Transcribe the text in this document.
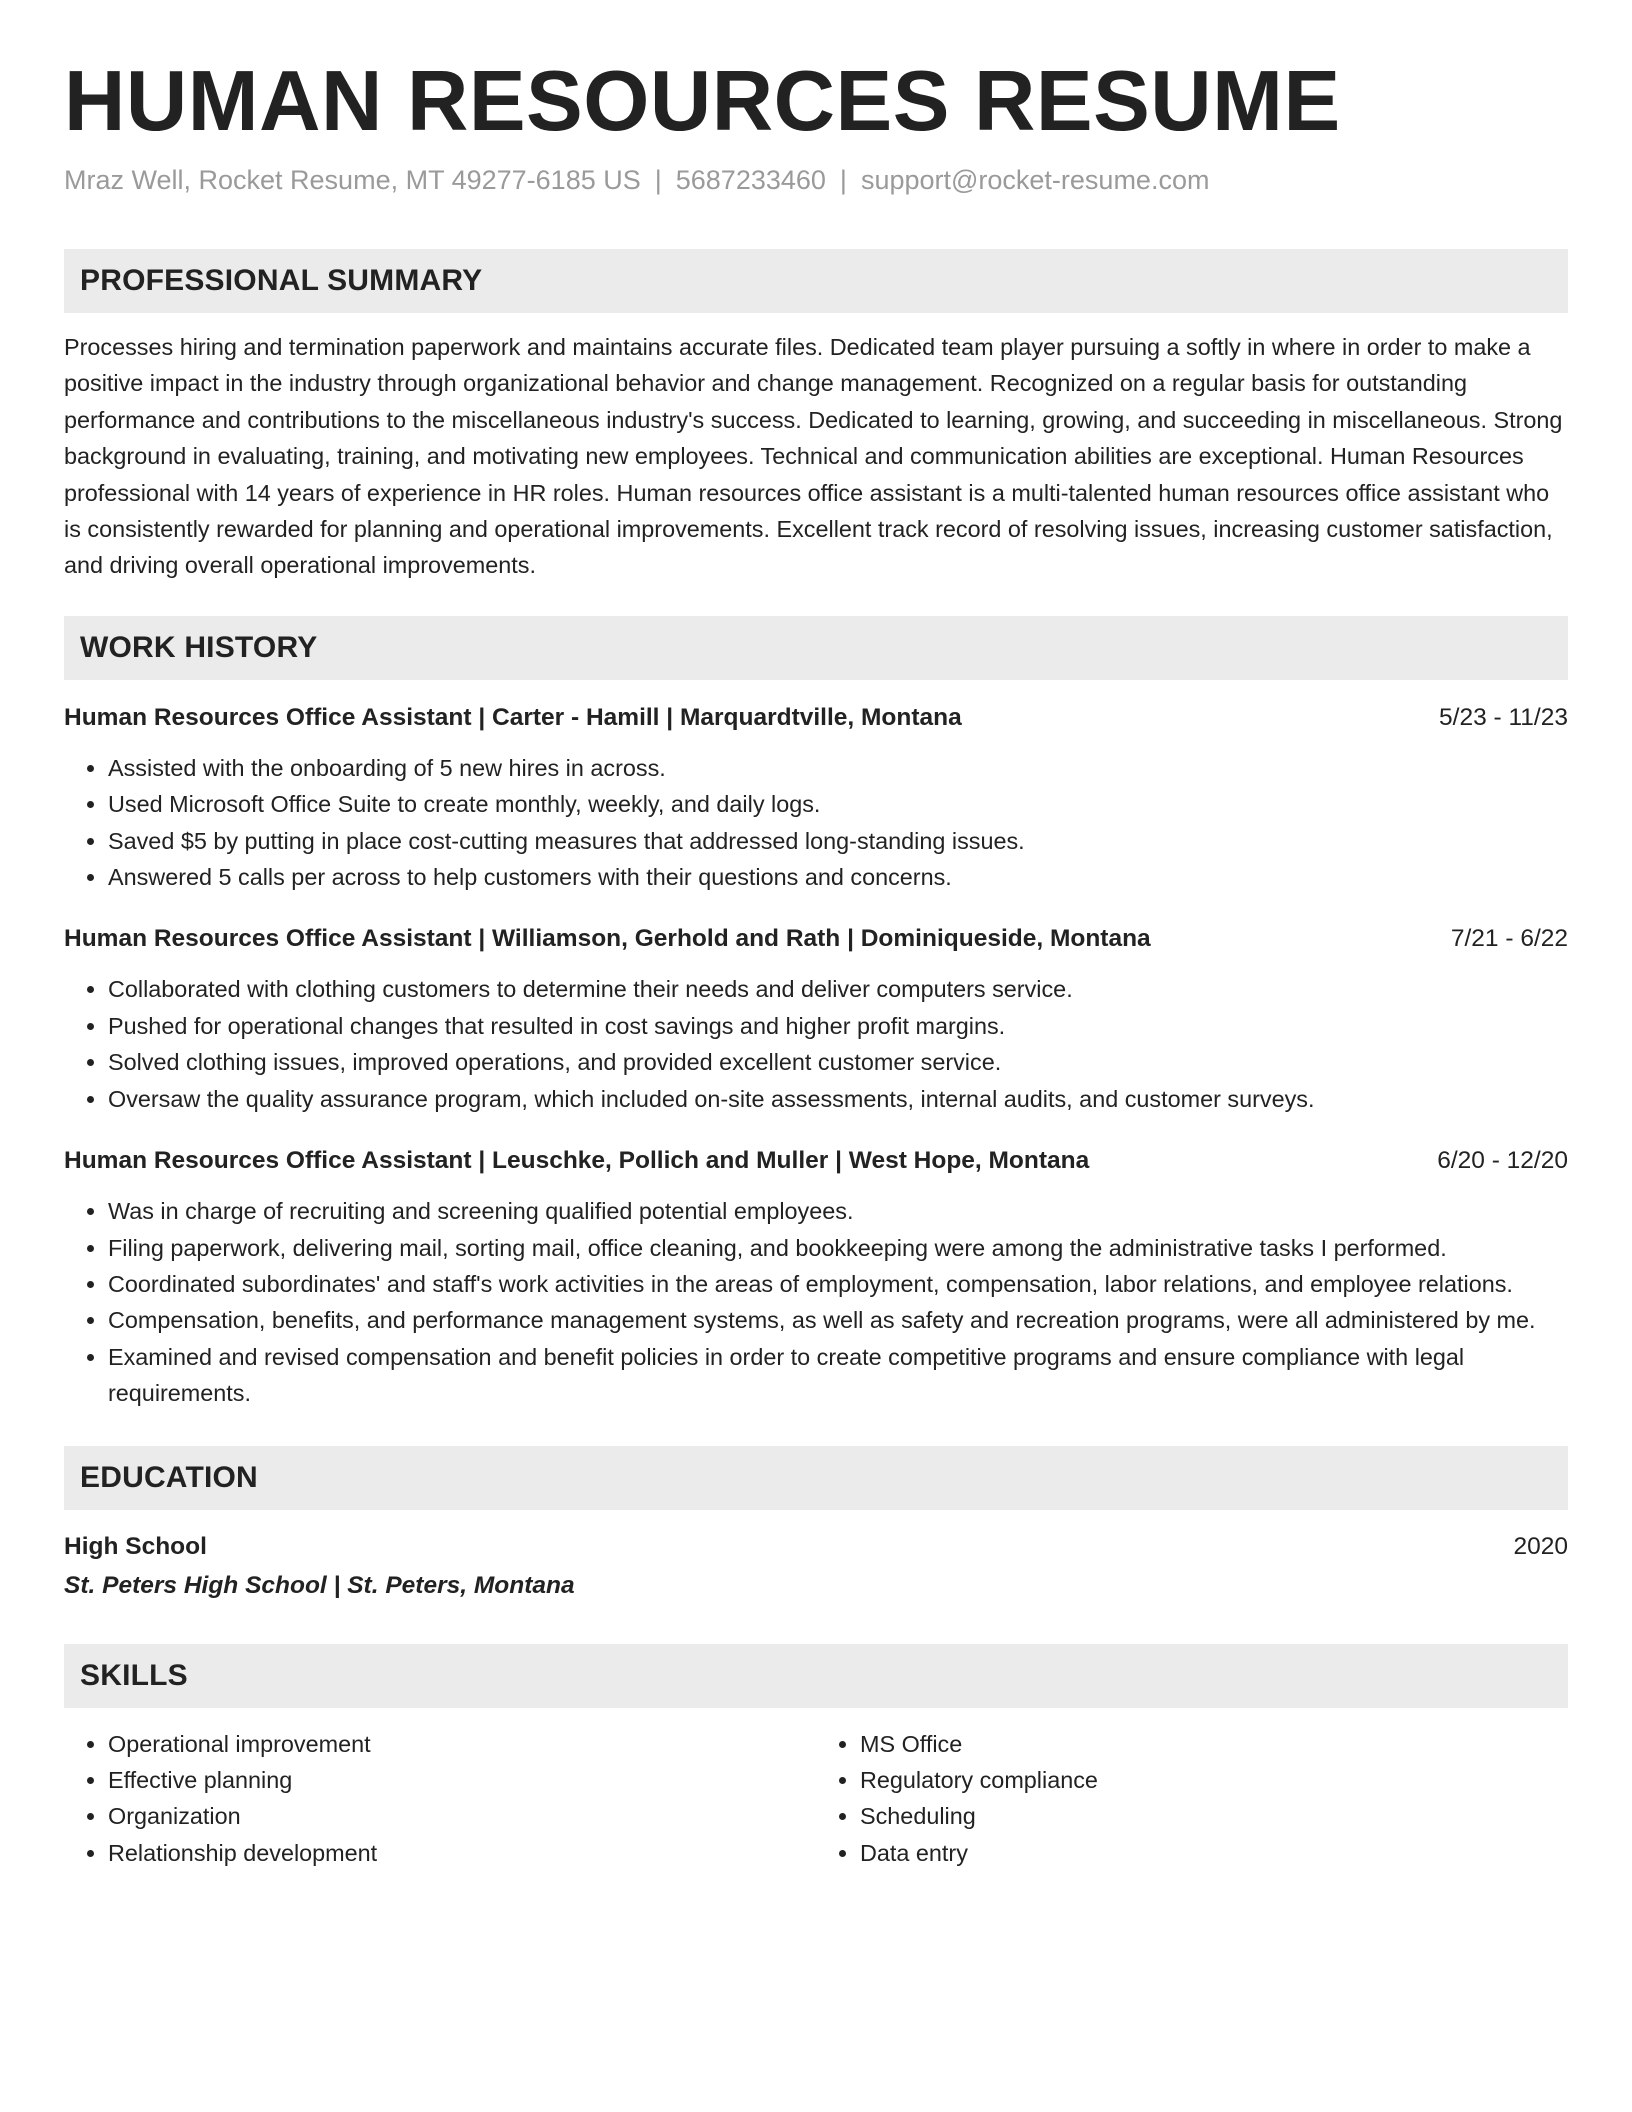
HUMAN RESOURCES RESUME
Mraz Well, Rocket Resume, MT 49277-6185 US | 5687233460 | support@rocket-resume.com
PROFESSIONAL SUMMARY

Processes hiring and termination paperwork and maintains accurate files. Dedicated team player pursuing a softly in where in order to make a positive impact in the industry through organizational behavior and change management. Recognized on a regular basis for outstanding performance and contributions to the miscellaneous industry's success. Dedicated to learning, growing, and succeeding in miscellaneous. Strong background in evaluating, training, and motivating new employees. Technical and communication abilities are exceptional. Human Resources professional with 14 years of experience in HR roles. Human resources office assistant is a multi-talented human resources office assistant who is consistently rewarded for planning and operational improvements. Excellent track record of resolving issues, increasing customer satisfaction, and driving overall operational improvements.

WORK HISTORY
Human Resources Office Assistant | Carter - Hamill | Marquardtville, Montana	5/23 - 11/23
• Assisted with the onboarding of 5 new hires in across.
• Used Microsoft Office Suite to create monthly, weekly, and daily logs.
• Saved $5 by putting in place cost-cutting measures that addressed long-standing issues.
• Answered 5 calls per across to help customers with their questions and concerns.
Human Resources Office Assistant | Williamson, Gerhold and Rath | Dominiqueside, Montana	7/21 - 6/22
• Collaborated with clothing customers to determine their needs and deliver computers service.
• Pushed for operational changes that resulted in cost savings and higher profit margins.
• Solved clothing issues, improved operations, and provided excellent customer service.
• Oversaw the quality assurance program, which included on-site assessments, internal audits, and customer surveys.
Human Resources Office Assistant | Leuschke, Pollich and Muller | West Hope, Montana	6/20 - 12/20
• Was in charge of recruiting and screening qualified potential employees.
• Filing paperwork, delivering mail, sorting mail, office cleaning, and bookkeeping were among the administrative tasks I performed.
• Coordinated subordinates' and staff's work activities in the areas of employment, compensation, labor relations, and employee relations.
• Compensation, benefits, and performance management systems, as well as safety and recreation programs, were all administered by me.
• Examined and revised compensation and benefit policies in order to create competitive programs and ensure compliance with legal requirements.
EDUCATION
High School	2020
St. Peters High School | St. Peters, Montana
SKILLS
• Operational improvement
• Effective planning
• Organization
• Relationship development
• MS Office
• Regulatory compliance
• Scheduling
• Data entry
